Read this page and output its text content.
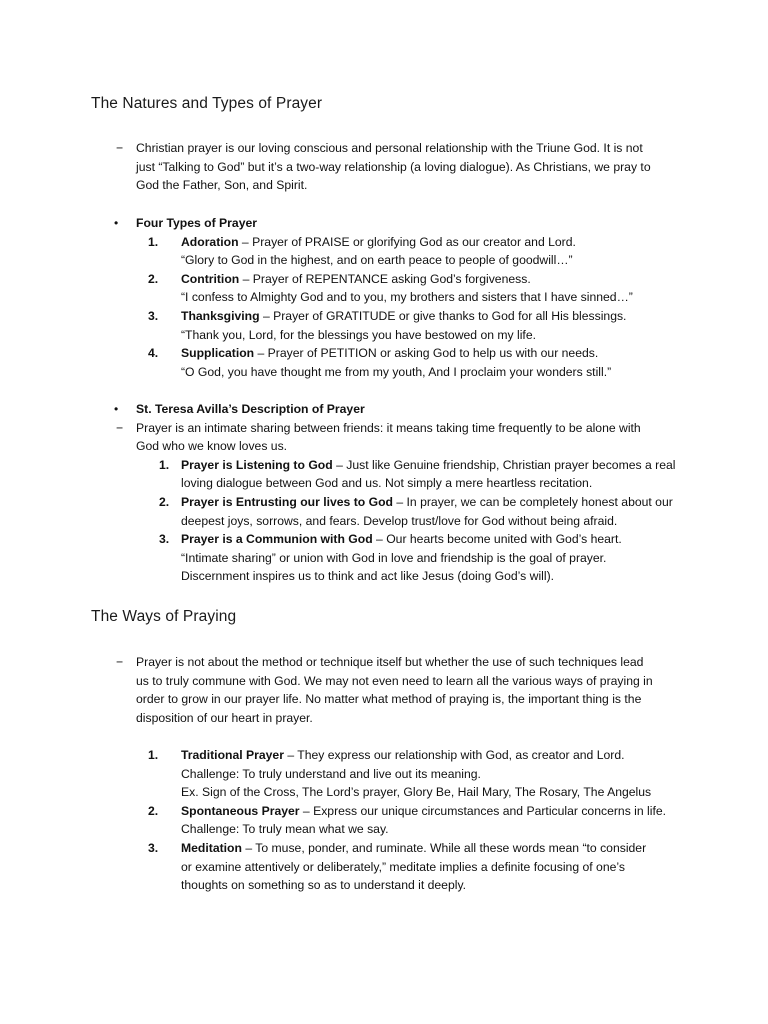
The Natures and Types of Prayer
− Christian prayer is our loving conscious and personal relationship with the Triune God. It is not
just “Talking to God” but it’s a two-way relationship (a loving dialogue). As Christians, we pray to
God the Father, Son, and Spirit.
• Four Types of Prayer
1. Adoration – Prayer of PRAISE or glorifying God as our creator and Lord.
“Glory to God in the highest, and on earth peace to people of goodwill…”
2. Contrition – Prayer of REPENTANCE asking God’s forgiveness.
“I confess to Almighty God and to you, my brothers and sisters that I have sinned…”
3. Thanksgiving – Prayer of GRATITUDE or give thanks to God for all His blessings.
“Thank you, Lord, for the blessings you have bestowed on my life.
4. Supplication – Prayer of PETITION or asking God to help us with our needs.
“O God, you have thought me from my youth, And I proclaim your wonders still.”
• St. Teresa Avilla’s Description of Prayer
− Prayer is an intimate sharing between friends: it means taking time frequently to be alone with
God who we know loves us.
1. Prayer is Listening to God – Just like Genuine friendship, Christian prayer becomes a real
loving dialogue between God and us. Not simply a mere heartless recitation.
2. Prayer is Entrusting our lives to God – In prayer, we can be completely honest about our
deepest joys, sorrows, and fears. Develop trust/love for God without being afraid.
3. Prayer is a Communion with God – Our hearts become united with God’s heart.
“Intimate sharing” or union with God in love and friendship is the goal of prayer.
Discernment inspires us to think and act like Jesus (doing God’s will).
The Ways of Praying
− Prayer is not about the method or technique itself but whether the use of such techniques lead
us to truly commune with God. We may not even need to learn all the various ways of praying in
order to grow in our prayer life. No matter what method of praying is, the important thing is the
disposition of our heart in prayer.
1. Traditional Prayer – They express our relationship with God, as creator and Lord.
Challenge: To truly understand and live out its meaning.
Ex. Sign of the Cross, The Lord’s prayer, Glory Be, Hail Mary, The Rosary, The Angelus
2. Spontaneous Prayer – Express our unique circumstances and Particular concerns in life.
Challenge: To truly mean what we say.
3. Meditation – To muse, ponder, and ruminate. While all these words mean “to consider
or examine attentively or deliberately,” meditate implies a definite focusing of one’s
thoughts on something so as to understand it deeply.
